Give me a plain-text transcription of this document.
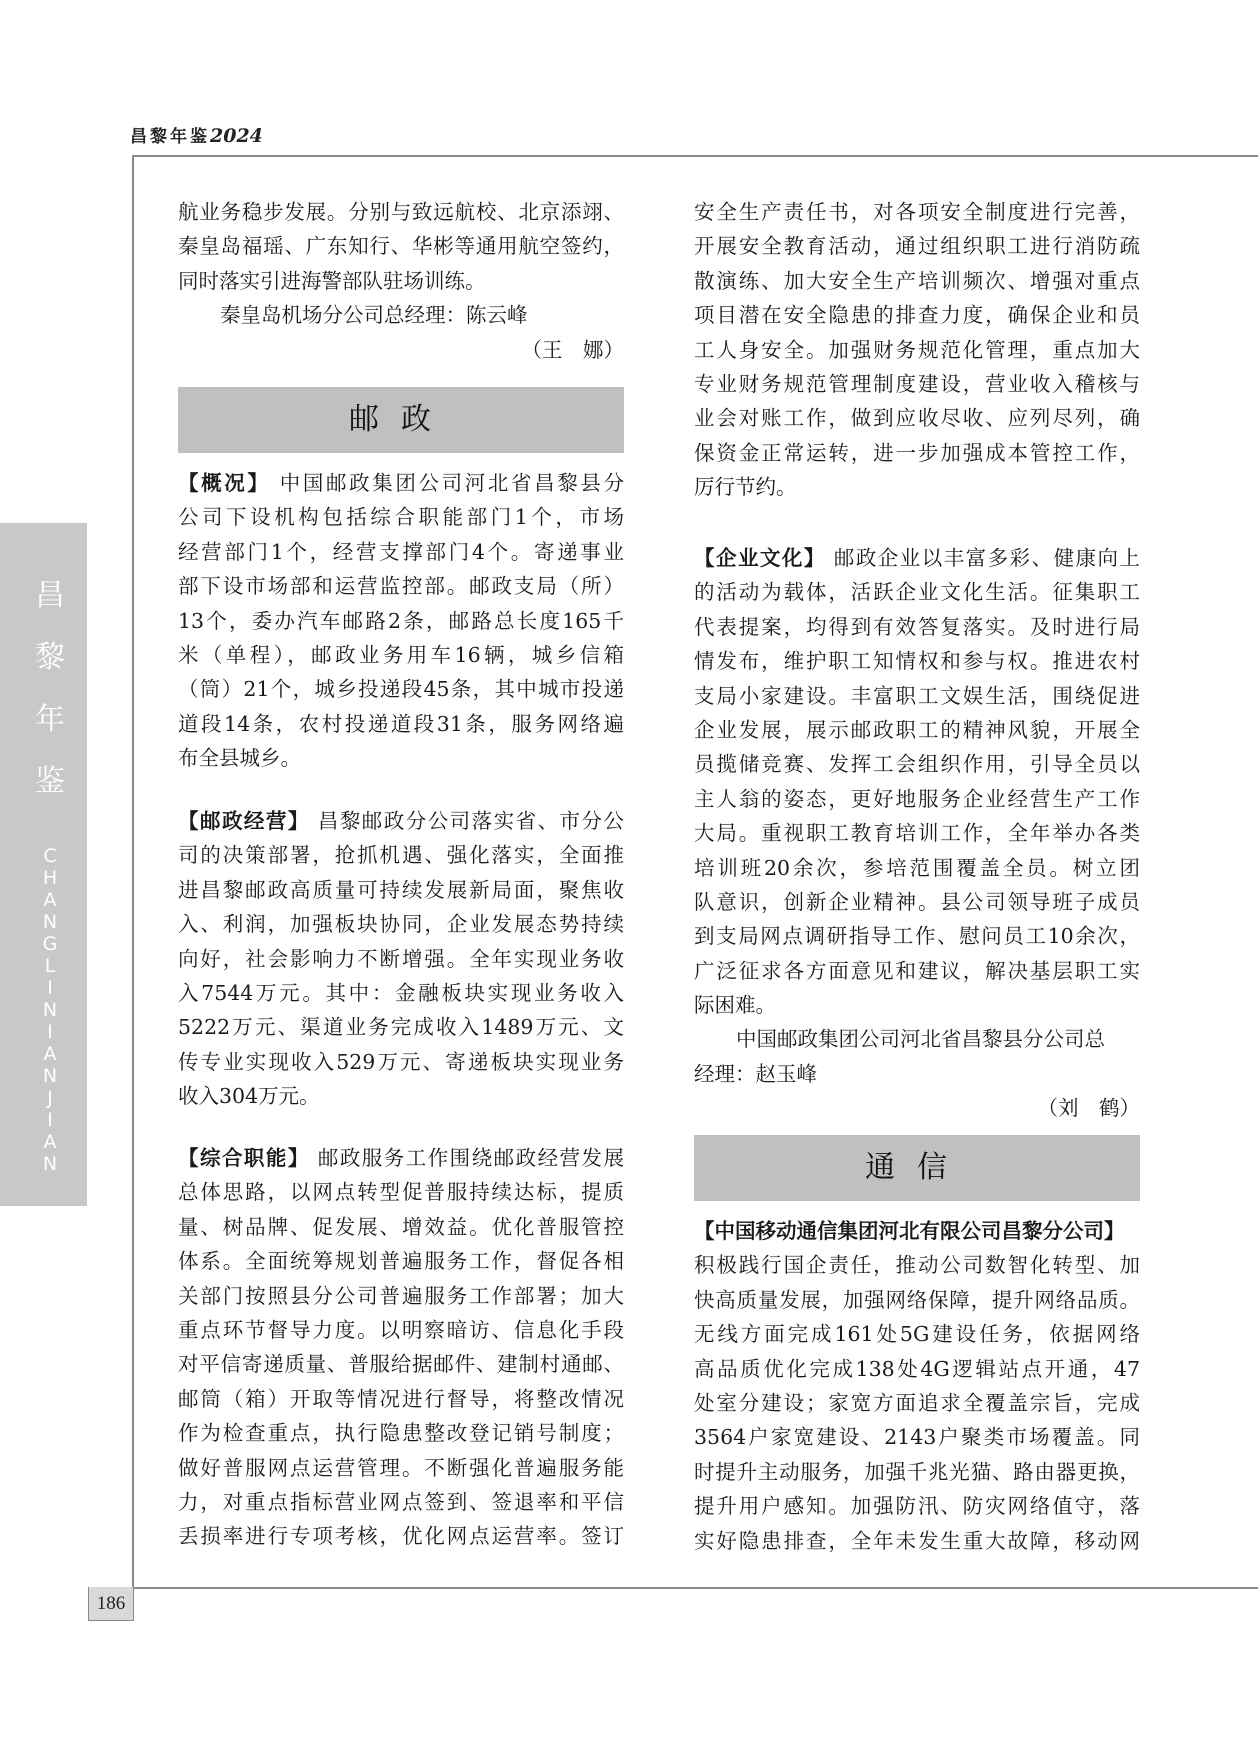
昌黎年鉴2024
昌
黎
年
鉴
C
H
A
N
G
L
I
N
I
A
N
J
I
A
N
186
航业务稳步发展。分别与致远航校、北京添翊、
秦皇岛福瑶、广东知行、华彬等通用航空签约，
同时落实引进海警部队驻场训练。
秦皇岛机场分公司总经理：陈云峰
（王　娜）
邮政
【概况】 中国邮政集团公司河北省昌黎县分
公司下设机构包括综合职能部门1个，市场
经营部门1个，经营支撑部门4个。寄递事业
部下设市场部和运营监控部。邮政支局（所）
13个，委办汽车邮路2条，邮路总长度165千
米（单程），邮政业务用车16辆，城乡信箱
（筒）21个，城乡投递段45条，其中城市投递
道段14条，农村投递道段31条，服务网络遍
布全县城乡。
【邮政经营】 昌黎邮政分公司落实省、市分公
司的决策部署，抢抓机遇、强化落实，全面推
进昌黎邮政高质量可持续发展新局面，聚焦收
入、利润，加强板块协同，企业发展态势持续
向好，社会影响力不断增强。全年实现业务收
入7544万元。其中：金融板块实现业务收入
5222万元、渠道业务完成收入1489万元、文
传专业实现收入529万元、寄递板块实现业务
收入304万元。
【综合职能】 邮政服务工作围绕邮政经营发展
总体思路，以网点转型促普服持续达标，提质
量、树品牌、促发展、增效益。优化普服管控
体系。全面统筹规划普遍服务工作，督促各相
关部门按照县分公司普遍服务工作部署；加大
重点环节督导力度。以明察暗访、信息化手段
对平信寄递质量、普服给据邮件、建制村通邮、
邮筒（箱）开取等情况进行督导，将整改情况
作为检查重点，执行隐患整改登记销号制度；
做好普服网点运营管理。不断强化普遍服务能
力，对重点指标营业网点签到、签退率和平信
丢损率进行专项考核，优化网点运营率。签订
安全生产责任书，对各项安全制度进行完善，
开展安全教育活动，通过组织职工进行消防疏
散演练、加大安全生产培训频次、增强对重点
项目潜在安全隐患的排查力度，确保企业和员
工人身安全。加强财务规范化管理，重点加大
专业财务规范管理制度建设，营业收入稽核与
业会对账工作，做到应收尽收、应列尽列，确
保资金正常运转，进一步加强成本管控工作，
厉行节约。
【企业文化】 邮政企业以丰富多彩、健康向上
的活动为载体，活跃企业文化生活。征集职工
代表提案，均得到有效答复落实。及时进行局
情发布，维护职工知情权和参与权。推进农村
支局小家建设。丰富职工文娱生活，围绕促进
企业发展，展示邮政职工的精神风貌，开展全
员揽储竞赛、发挥工会组织作用，引导全员以
主人翁的姿态，更好地服务企业经营生产工作
大局。重视职工教育培训工作，全年举办各类
培训班20余次，参培范围覆盖全员。树立团
队意识，创新企业精神。县公司领导班子成员
到支局网点调研指导工作、慰问员工10余次，
广泛征求各方面意见和建议，解决基层职工实
际困难。
中国邮政集团公司河北省昌黎县分公司总
经理：赵玉峰
（刘　鹤）
通信
【中国移动通信集团河北有限公司昌黎分公司】
积极践行国企责任，推动公司数智化转型、加
快高质量发展，加强网络保障，提升网络品质。
无线方面完成161处5G建设任务，依据网络
高品质优化完成138处4G逻辑站点开通，47
处室分建设；家宽方面追求全覆盖宗旨，完成
3564户家宽建设、2143户聚类市场覆盖。同
时提升主动服务，加强千兆光猫、路由器更换，
提升用户感知。加强防汛、防灾网络值守，落
实好隐患排查，全年未发生重大故障，移动网
